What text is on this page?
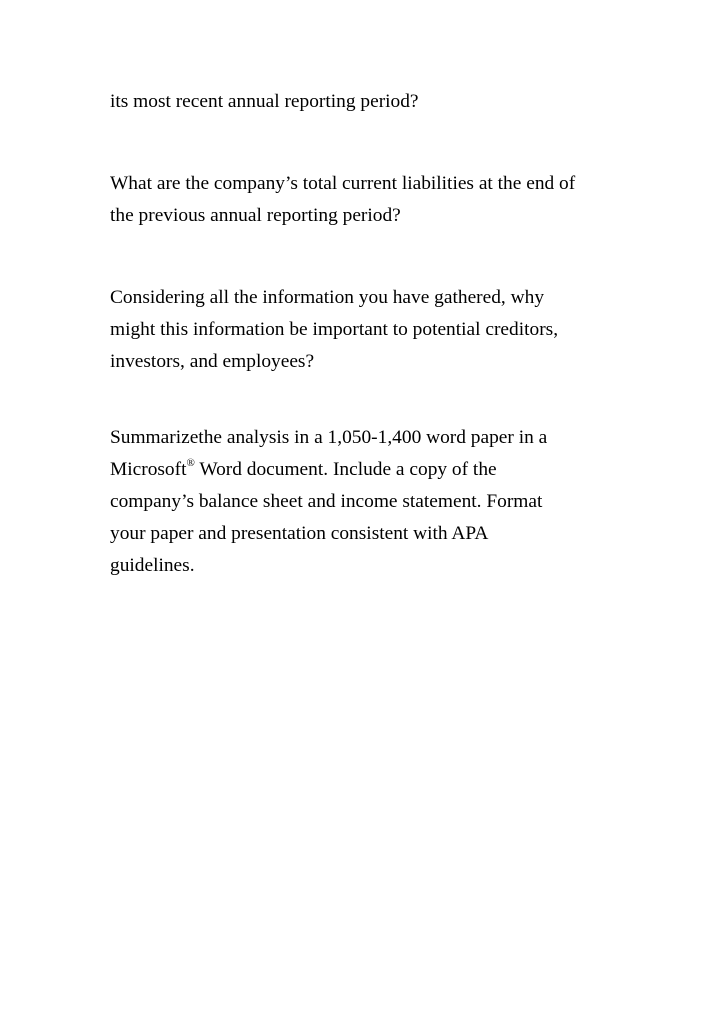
its most recent annual reporting period?

What are the company’s total current liabilities at the end of
the previous annual reporting period?

Considering all the information you have gathered, why
might this information be important to potential creditors,
investors, and employees?

Summarizethe analysis in a 1,050-1,400 word paper in a
Microsoft® Word document. Include a copy of the
company’s balance sheet and income statement. Format
your paper and presentation consistent with APA
guidelines.
